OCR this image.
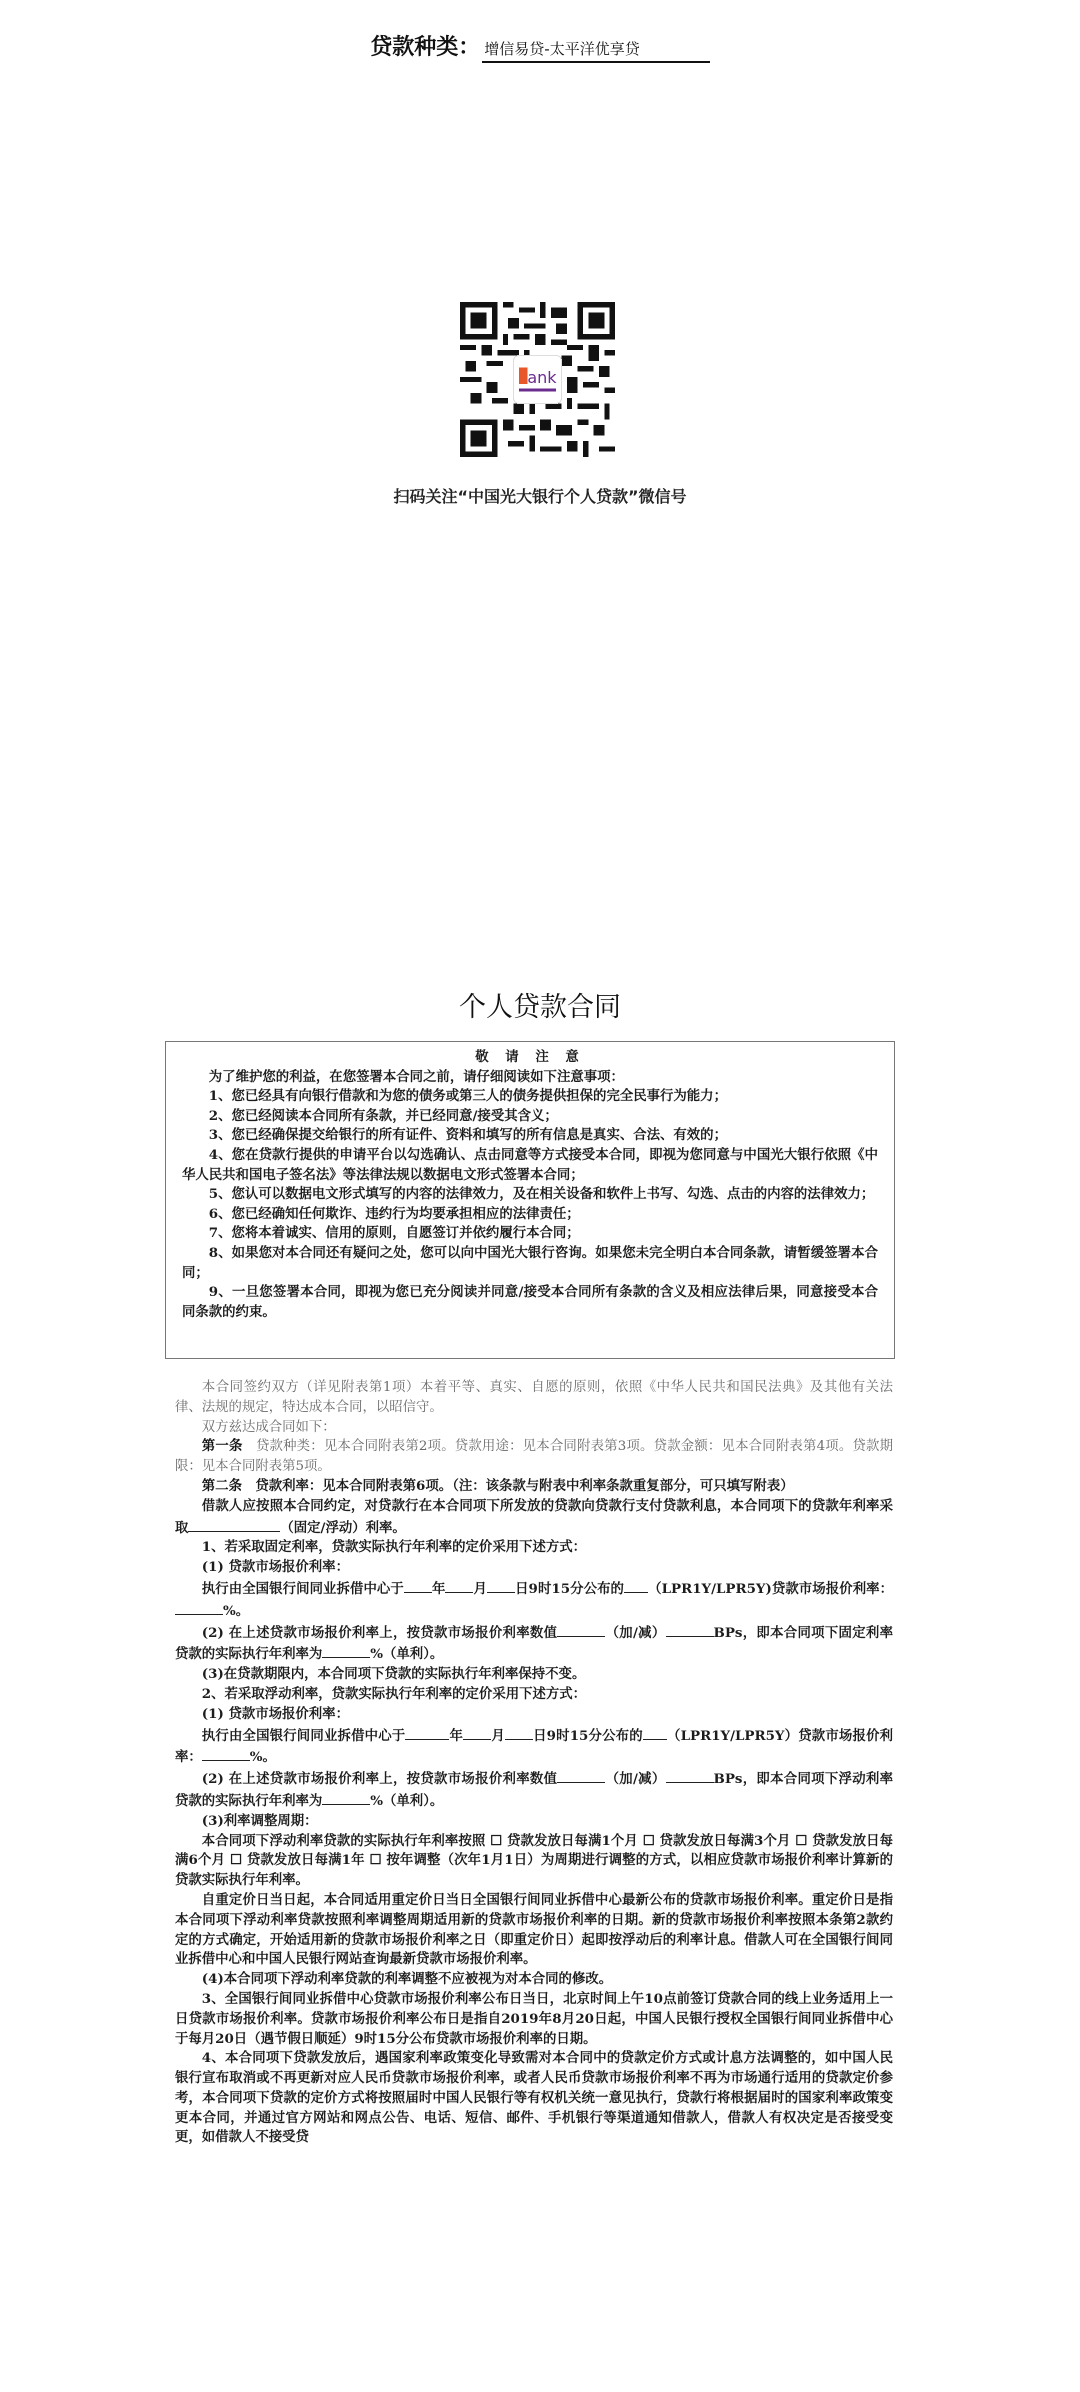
贷款种类： 增信易贷-太平洋优享贷
ank
扫码关注“中国光大银行个人贷款”微信号
个人贷款合同
敬 请 注 意

为了维护您的利益，在您签署本合同之前，请仔细阅读如下注意事项：

1、您已经具有向银行借款和为您的债务或第三人的债务提供担保的完全民事行为能力；

2、您已经阅读本合同所有条款，并已经同意/接受其含义；

3、您已经确保提交给银行的所有证件、资料和填写的所有信息是真实、合法、有效的；

4、您在贷款行提供的申请平台以勾选确认、点击同意等方式接受本合同，即视为您同意与中国光大银行依照《中华人民共和国电子签名法》等法律法规以数据电文形式签署本合同；

5、您认可以数据电文形式填写的内容的法律效力，及在相关设备和软件上书写、勾选、点击的内容的法律效力；

6、您已经确知任何欺诈、违约行为均要承担相应的法律责任；

7、您将本着诚实、信用的原则，自愿签订并依约履行本合同；

8、如果您对本合同还有疑问之处，您可以向中国光大银行咨询。如果您未完全明白本合同条款，请暂缓签署本合同；

9、一旦您签署本合同，即视为您已充分阅读并同意/接受本合同所有条款的含义及相应法律后果，同意接受本合同条款的约束。

本合同签约双方（详见附表第1项）本着平等、真实、自愿的原则，依照《中华人民共和国民法典》及其他有关法律、法规的规定，特达成本合同，以昭信守。

双方兹达成合同如下：

第一条 贷款种类：见本合同附表第2项。贷款用途：见本合同附表第3项。贷款金额：见本合同附表第4项。贷款期限：见本合同附表第5项。

第二条 贷款利率：见本合同附表第6项。（注：该条款与附表中利率条款重复部分，可只填写附表）

借款人应按照本合同约定，对贷款行在本合同项下所发放的贷款向贷款行支付贷款利息，本合同项下的贷款年利率采取	（固定/浮动）利率。

1、若采取固定利率，贷款实际执行年利率的定价采用下述方式：

(1) 贷款市场报价利率：

执行由全国银行间同业拆借中心于 年 月 日9时15分公布的 （LPR1Y/LPR5Y)贷款市场报价利率：%。

(2) 在上述贷款市场报价利率上，按贷款市场报价利率数值	（加/减）	BPs，即本合同项下固定利率贷款的实际执行年利率为	%（单利）。

(3)在贷款期限内，本合同项下贷款的实际执行年利率保持不变。

2、若采取浮动利率，贷款实际执行年利率的定价采用下述方式：

(1) 贷款市场报价利率：

执行由全国银行间同业拆借中心于	年 月 日9时15分公布的 （LPR1Y/LPR5Y）贷款市场报价利率：	%。

(2) 在上述贷款市场报价利率上，按贷款市场报价利率数值	（加/减）	BPs，即本合同项下浮动利率贷款的实际执行年利率为	%（单利）。

(3)利率调整周期：

本合同项下浮动利率贷款的实际执行年利率按照 ☐ 贷款发放日每满1个月 ☐ 贷款发放日每满3个月 ☐ 贷款发放日每满6个月 ☐ 贷款发放日每满1年 ☐ 按年调整（次年1月1日）为周期进行调整的方式，以相应贷款市场报价利率计算新的贷款实际执行年利率。

自重定价日当日起，本合同适用重定价日当日全国银行间同业拆借中心最新公布的贷款市场报价利率。重定价日是指本合同项下浮动利率贷款按照利率调整周期适用新的贷款市场报价利率的日期。新的贷款市场报价利率按照本条第2款约定的方式确定，开始适用新的贷款市场报价利率之日（即重定价日）起即按浮动后的利率计息。借款人可在全国银行间同业拆借中心和中国人民银行网站查询最新贷款市场报价利率。

(4)本合同项下浮动利率贷款的利率调整不应被视为对本合同的修改。

3、全国银行间同业拆借中心贷款市场报价利率公布日当日，北京时间上午10点前签订贷款合同的线上业务适用上一日贷款市场报价利率。贷款市场报价利率公布日是指自2019年8月20日起，中国人民银行授权全国银行间同业拆借中心于每月20日（遇节假日顺延）9时15分公布贷款市场报价利率的日期。

4、本合同项下贷款发放后，遇国家利率政策变化导致需对本合同中的贷款定价方式或计息方法调整的，如中国人民银行宣布取消或不再更新对应人民币贷款市场报价利率，或者人民币贷款市场报价利率不再为市场通行适用的贷款定价参考，本合同项下贷款的定价方式将按照届时中国人民银行等有权机关统一意见执行，贷款行将根据届时的国家利率政策变更本合同，并通过官方网站和网点公告、电话、短信、邮件、手机银行等渠道通知借款人，借款人有权决定是否接受变更，如借款人不接受贷
